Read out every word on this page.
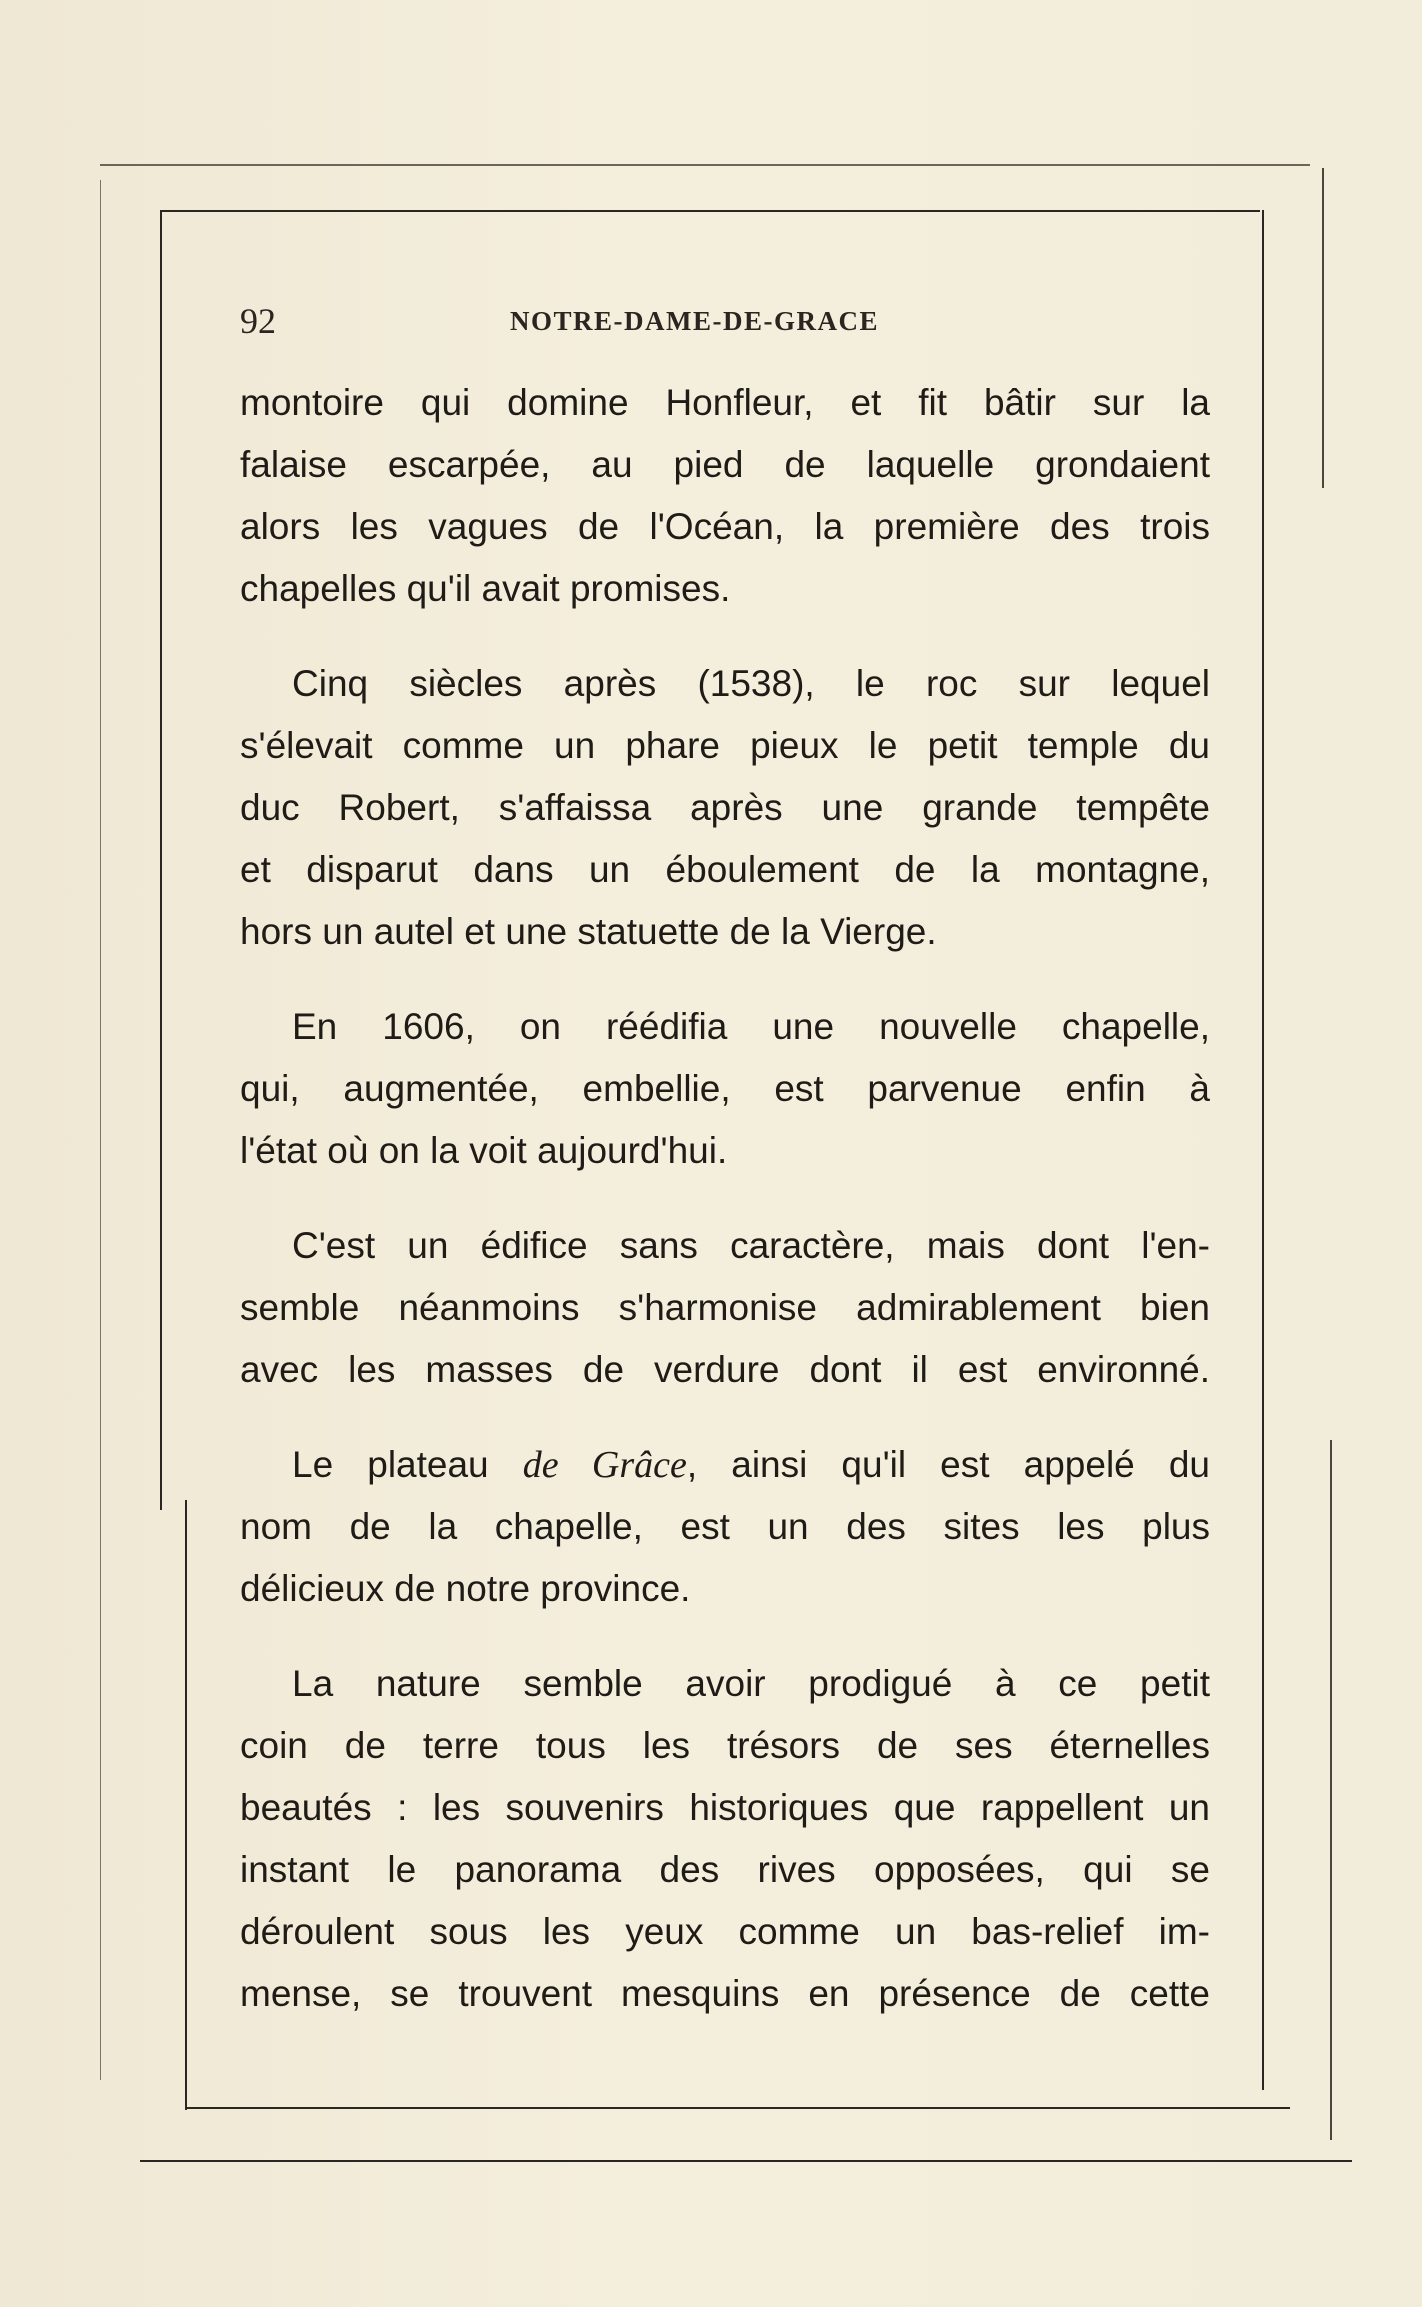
92	NOTRE-DAME-DE-GRACE
montoire qui domine Honfleur, et fit bâtir sur la
falaise escarpée, au pied de laquelle grondaient
alors les vagues de l'Océan, la première des trois
chapelles qu'il avait promises.
Cinq siècles après (1538), le roc sur lequel
s'élevait comme un phare pieux le petit temple du
duc Robert, s'affaissa après une grande tempête
et disparut dans un éboulement de la montagne,
hors un autel et une statuette de la Vierge.
En 1606, on réédifia une nouvelle chapelle,
qui, augmentée, embellie, est parvenue enfin à
l'état où on la voit aujourd'hui.
C'est un édifice sans caractère, mais dont l'en-
semble néanmoins s'harmonise admirablement bien
avec les masses de verdure dont il est environné.
Le plateau de Grâce, ainsi qu'il est appelé du
nom de la chapelle, est un des sites les plus
délicieux de notre province.
La nature semble avoir prodigué à ce petit
coin de terre tous les trésors de ses éternelles
beautés : les souvenirs historiques que rappellent un
instant le panorama des rives opposées, qui se
déroulent sous les yeux comme un bas-relief im-
mense, se trouvent mesquins en présence de cette
